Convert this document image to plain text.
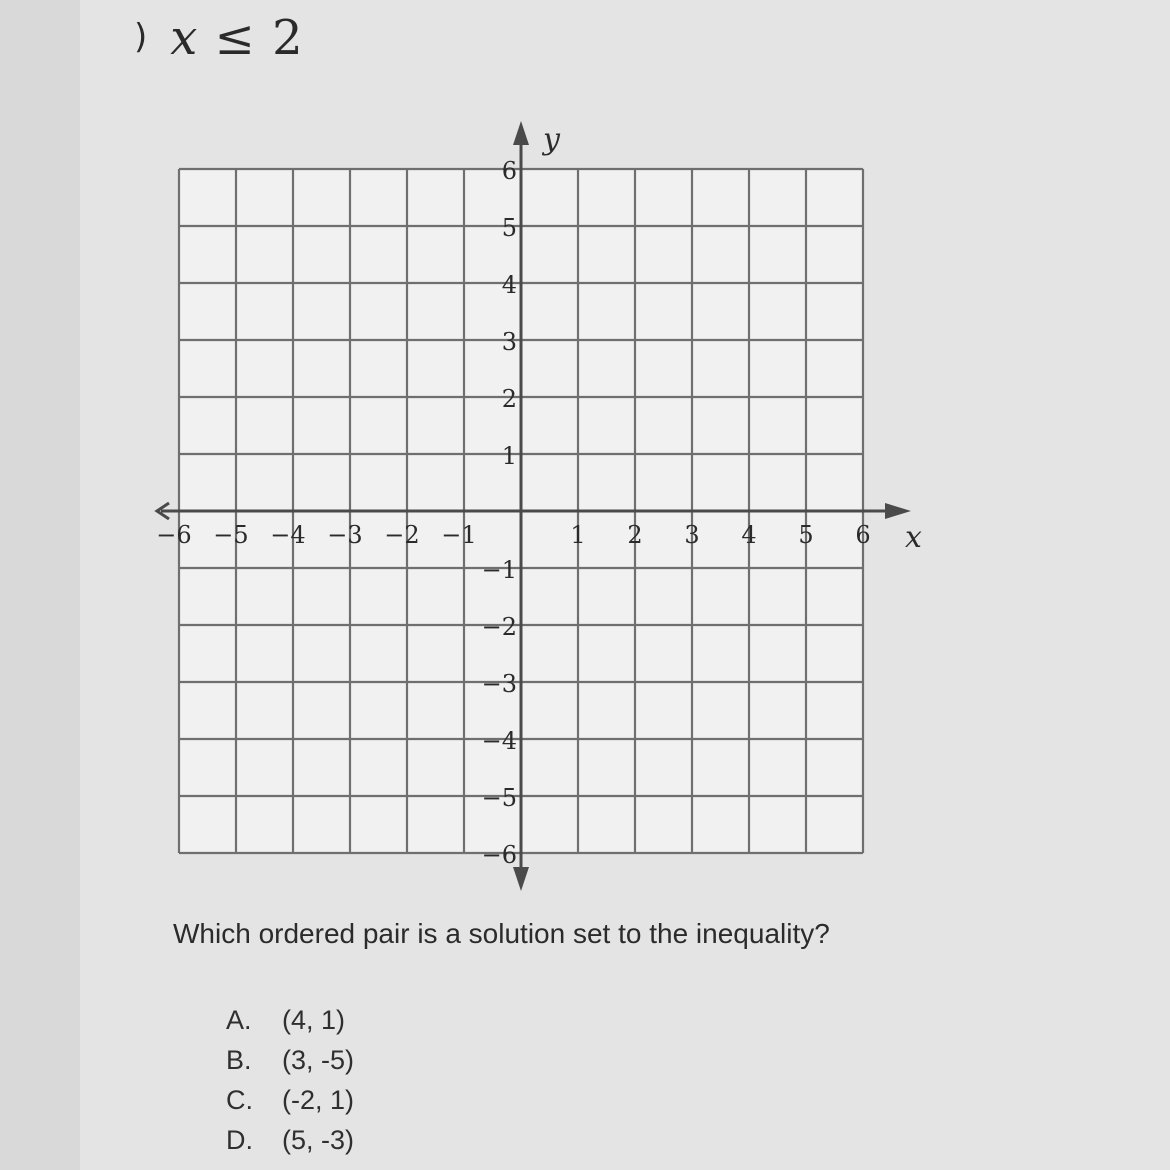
) x ≤ 2
−6 −5 −4 −3 −2 −1	1 2 3 4 5 6
6
5
4
3
2
1
−1
−2
−3
−4
−5
−6
x
y
Which ordered pair is a solution set to the inequality?
A. (4, 1)
B. (3, -5)
C. (-2, 1)
D. (5, -3)
